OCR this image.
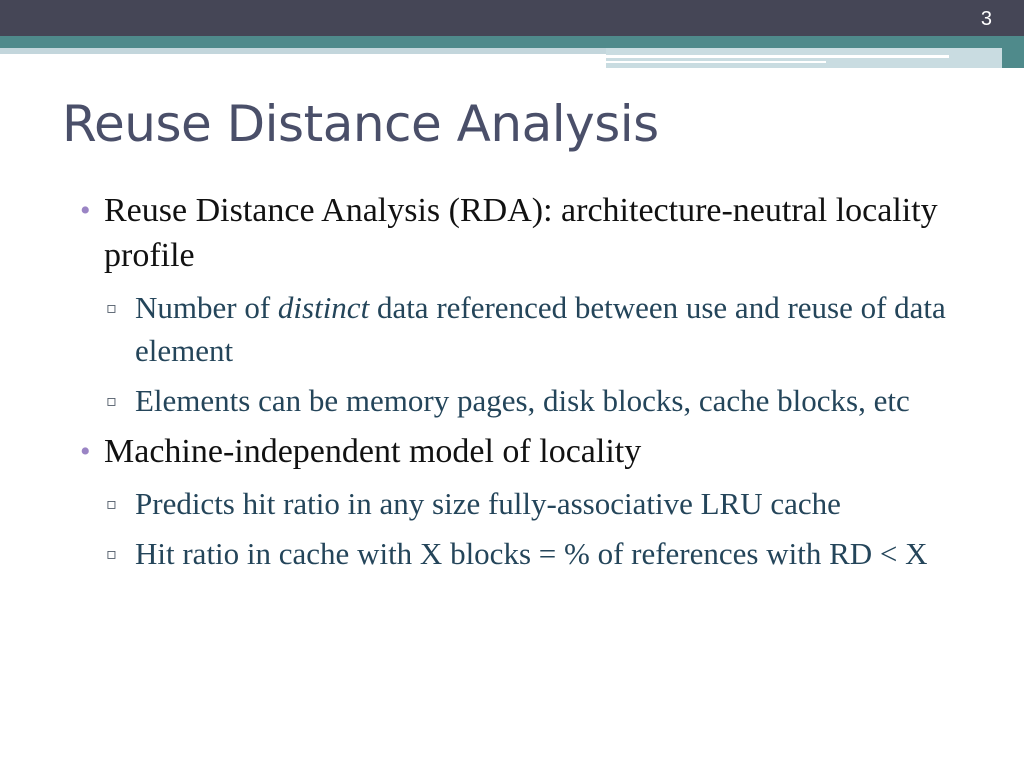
3
Reuse Distance Analysis
• Reuse Distance Analysis (RDA): architecture-neutral locality profile
▫ Number of distinct data referenced between use and reuse of data element
▫ Elements can be memory pages, disk blocks, cache blocks, etc
• Machine-independent model of locality
▫ Predicts hit ratio in any size fully-associative LRU cache
▫ Hit ratio in cache with X blocks = % of references with RD < X
